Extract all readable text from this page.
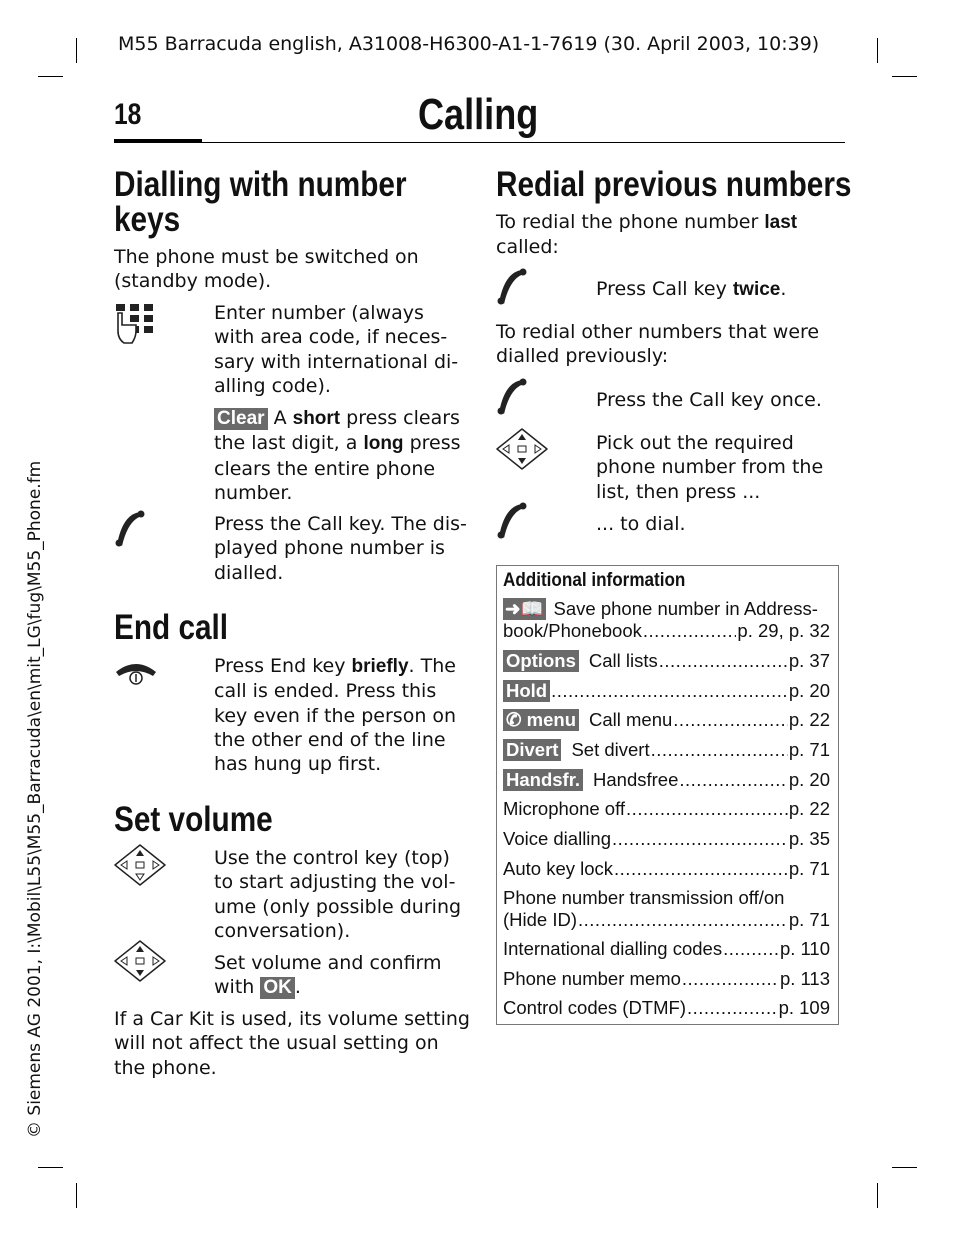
M55 Barracuda english, A31008-H6300-A1-1-7619 (30. April 2003, 10:39)
18	Calling
© Siemens AG 2001, I:\Mobil\L55\M55_Barracuda\en\mit_LG\fug\M55_Phone.fm
Dialling with number
keys
The phone must be switched on
(standby mode).
Enter number (always
with area code, if neces-
sary with international di-
alling code).
Clear A short press clears
the last digit, a long press
clears the entire phone
number.
Press the Call key. The dis-
played phone number is
dialled.
End call
Press End key briefly. The
call is ended. Press this
key even if the person on
the other end of the line
has hung up first.
Set volume
Use the control key (top)
to start adjusting the vol-
ume (only possible during
conversation).
Set volume and confirm
with OK .
If a Car Kit is used, its volume setting
will not affect the usual setting on
the phone.
Redial previous numbers
To redial the phone number last
called:
Press Call key twice.
To redial other numbers that were
dialled previously:
Press the Call key once.
Pick out the required
phone number from the
list, then press ...
... to dial.
Additional information
➜📖 Save phone number in Address-
book/Phonebook .....	p. 29, p. 32
Options Call lists .....	p. 37
Hold .....	p. 20
✆ menu Call menu .....	p. 22
Divert Set divert .....	p. 71
Handsfr. Handsfree .....	p. 20
Microphone off .....	p. 22
Voice dialling .....	p. 35
Auto key lock .....	p. 71
Phone number transmission off/on
(Hide ID) .....	p. 71
International dialling codes .....	p. 110
Phone number memo .....	p. 113
Control codes (DTMF) .....	p. 109
